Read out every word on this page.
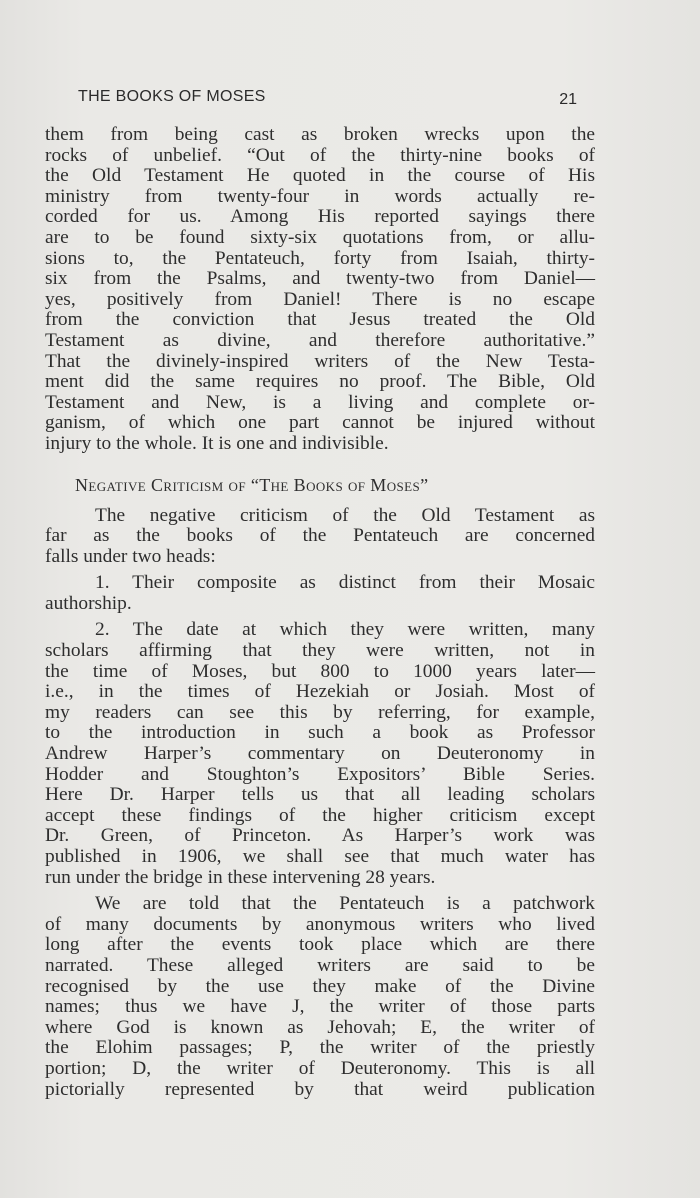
THE BOOKS OF MOSES	21
them from being cast as broken wrecks upon the
rocks of unbelief. “Out of the thirty-nine books of
the Old Testament He quoted in the course of His
ministry from twenty-four in words actually re-
corded for us. Among His reported sayings there
are to be found sixty-six quotations from, or allu-
sions to, the Pentateuch, forty from Isaiah, thirty-
six from the Psalms, and twenty-two from Daniel—
yes, positively from Daniel! There is no escape
from the conviction that Jesus treated the Old
Testament as divine, and therefore authoritative.”
That the divinely-inspired writers of the New Testa-
ment did the same requires no proof. The Bible, Old
Testament and New, is a living and complete or-
ganism, of which one part cannot be injured without
injury to the whole. It is one and indivisible.
Negative Criticism of “The Books of Moses”
The negative criticism of the Old Testament as
far as the books of the Pentateuch are concerned
falls under two heads:
1. Their composite as distinct from their Mosaic
authorship.
2. The date at which they were written, many
scholars affirming that they were written, not in
the time of Moses, but 800 to 1000 years later—
i.e., in the times of Hezekiah or Josiah. Most of
my readers can see this by referring, for example,
to the introduction in such a book as Professor
Andrew Harper’s commentary on Deuteronomy in
Hodder and Stoughton’s Expositors’ Bible Series.
Here Dr. Harper tells us that all leading scholars
accept these findings of the higher criticism except
Dr. Green, of Princeton. As Harper’s work was
published in 1906, we shall see that much water has
run under the bridge in these intervening 28 years.
We are told that the Pentateuch is a patchwork
of many documents by anonymous writers who lived
long after the events took place which are there
narrated. These alleged writers are said to be
recognised by the use they make of the Divine
names; thus we have J, the writer of those parts
where God is known as Jehovah; E, the writer of
the Elohim passages; P, the writer of the priestly
portion; D, the writer of Deuteronomy. This is all
pictorially represented by that weird publication
